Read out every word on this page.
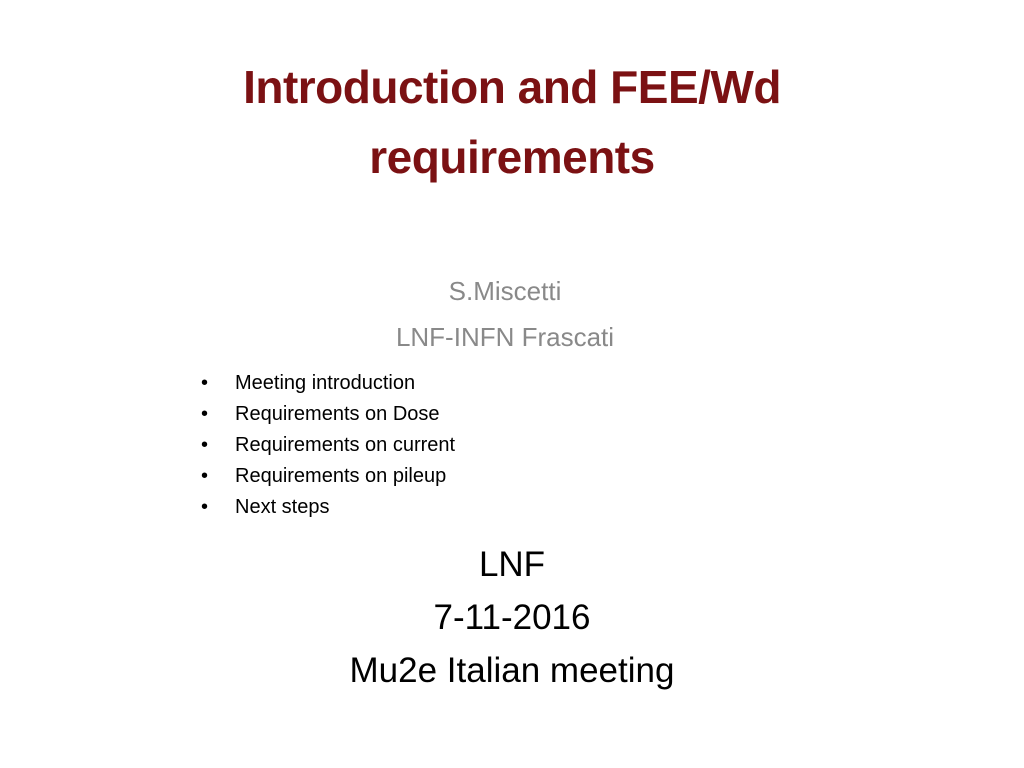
Introduction and FEE/Wd
requirements
S.Miscetti
LNF-INFN Frascati
• Meeting introduction
• Requirements on Dose
• Requirements on current
• Requirements on pileup
• Next steps
LNF
7-11-2016
Mu2e Italian meeting
